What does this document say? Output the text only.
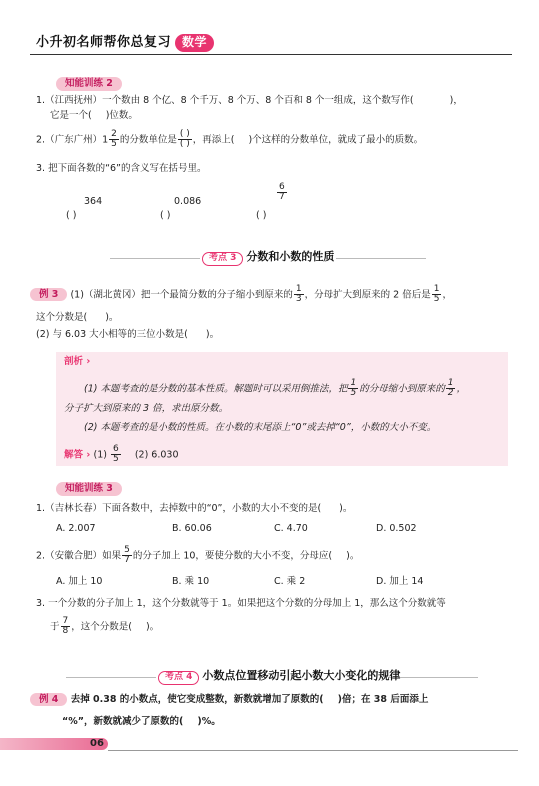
小升初名师帮你总复习 数学
知能训练 2
1.（江西抚州）一个数由 8 个亿、8 个千万、8 个万、8 个百和 8 个一组成，这个数写作(	)，
它是一个( )位数。
2.（广东广州）$1 \frac{2}{5}$ 的分数单位是 $\frac{( )}{( )}$ ，再添上( )个这样的分数单位，就成了最小的质数。
3. 把下面各数的“6”的含义写在括号里。
364	0.086	$\frac{6}{7}$
( )	( )	( )
考点 3 分数和小数的性质
例 3 (1)（湖北黄冈）把一个最简分数的分子缩小到原来的 $\frac{1}{3}$ ，分母扩大到原来的 2 倍后是 $\frac{1}{5}$ ，
这个分数是( )。
(2) 与 6.03 大小相等的三位小数是( )。
剖析 ›
(1) 本题考查的是分数的基本性质。解题时可以采用倒推法，把 $\frac{1}{5}$ 的分母缩小到原来的 $\frac{1}{2}$ ，
分子扩大到原来的 3 倍，求出原分数。
(2) 本题考查的是小数的性质。在小数的末尾添上“0”或去掉“0”，小数的大小不变。
解答 › $(1) \frac{6}{5} (2)$ 6.030
知能训练 3
1.（吉林长春）下面各数中，去掉数中的“0”，小数的大小不变的是( )。
A. 2.007	B. 60.06	C. 4.70	D. 0.502
2.（安徽合肥）如果 $\frac{5}{7}$ 的分子加上 10，要使分数的大小不变，分母应( )。
A. 加上 10	B. 乘 10	C. 乘 2	D. 加上 14
3. 一个分数的分子加上 1，这个分数就等于 1。如果把这个分数的分母加上 1，那么这个分数就等
于 $\frac{7}{8}$ ，这个分数是( )。
考点 4 小数点位置移动引起小数大小变化的规律
例 4 去掉 0.38 的小数点，使它变成整数，新数就增加了原数的( )倍；在 38 后面添上
“%”，新数就减少了原数的( )%。
06
